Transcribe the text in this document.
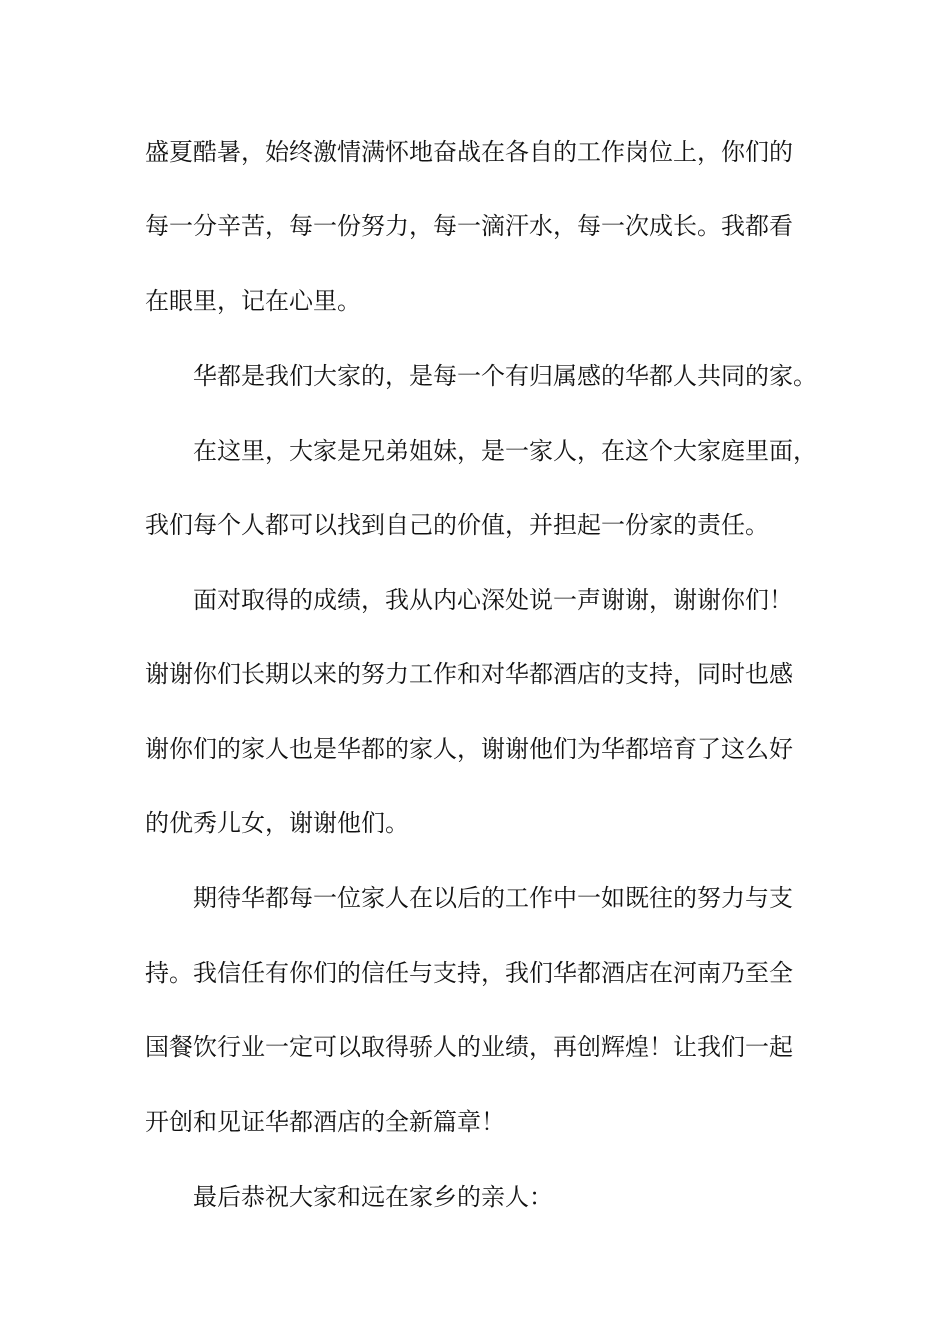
盛夏酷暑，始终激情满怀地奋战在各自的工作岗位上，你们的
每一分辛苦，每一份努力，每一滴汗水，每一次成长。我都看
在眼里，记在心里。
华都是我们大家的，是每一个有归属感的华都人共同的家。
在这里，大家是兄弟姐妹，是一家人，在这个大家庭里面，
我们每个人都可以找到自己的价值，并担起一份家的责任。
面对取得的成绩，我从内心深处说一声谢谢，谢谢你们！
谢谢你们长期以来的努力工作和对华都酒店的支持，同时也感
谢你们的家人也是华都的家人，谢谢他们为华都培育了这么好
的优秀儿女，谢谢他们。
期待华都每一位家人在以后的工作中一如既往的努力与支
持。我信任有你们的信任与支持，我们华都酒店在河南乃至全
国餐饮行业一定可以取得骄人的业绩，再创辉煌！让我们一起
开创和见证华都酒店的全新篇章！
最后恭祝大家和远在家乡的亲人：
